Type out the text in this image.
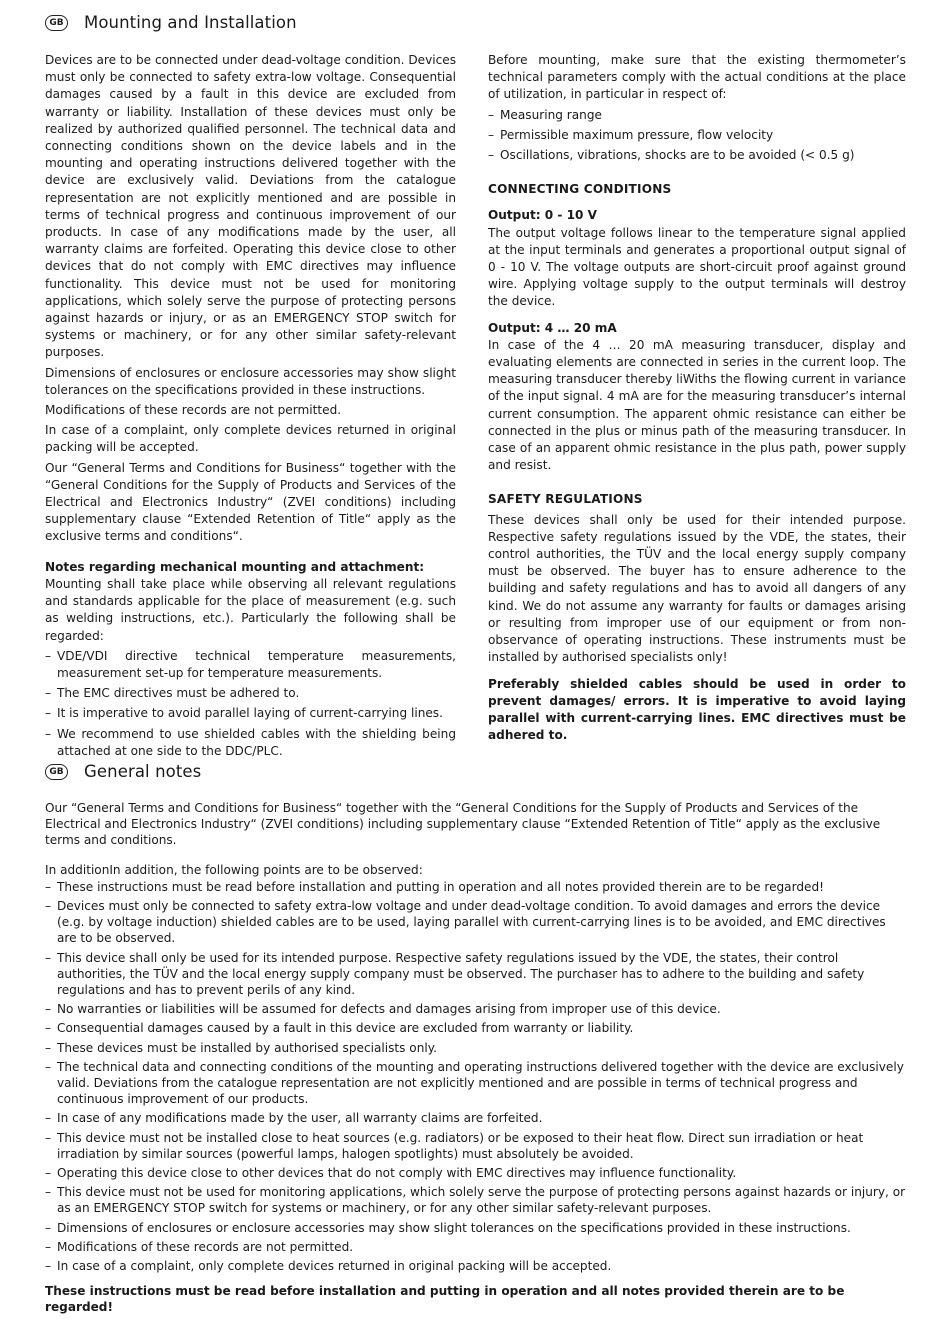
GB Mounting and Installation

Devices are to be connected under dead-voltage condition. Devices must only be connected to safety extra-low voltage. Consequential damages caused by a fault in this device are excluded from warranty or liability. Installation of these devices must only be realized by authorized qualified personnel. The technical data and connecting conditions shown on the device labels and in the mounting and operating instructions delivered together with the device are exclusively valid. Deviations from the catalogue representation are not explicitly mentioned and are possible in terms of technical progress and continuous improvement of our products. In case of any modifications made by the user, all warranty claims are forfeited. Operating this device close to other devices that do not comply with EMC directives may influence functionality. This device must not be used for monitoring applications, which solely serve the purpose of protecting persons against hazards or injury, or as an EMERGENCY STOP switch for systems or machinery, or for any other similar safety-relevant purposes.

Dimensions of enclosures or enclosure accessories may show slight tolerances on the specifications provided in these instructions.

Modifications of these records are not permitted.

In case of a complaint, only complete devices returned in original packing will be accepted.

Our “General Terms and Conditions for Business“ together with the “General Conditions for the Supply of Products and Services of the Electrical and Electronics Industry“ (ZVEI conditions) including supplementary clause “Extended Retention of Title“ apply as the exclusive terms and conditions“.

Notes regarding mechanical mounting and attachment:

Mounting shall take place while observing all relevant regulations and standards applicable for the place of measurement (e.g. such as welding instructions, etc.). Particularly the following shall be regarded:

– VDE/VDI directive technical temperature measurements, measurement set-up for temperature measurements.
– The EMC directives must be adhered to.
– It is imperative to avoid parallel laying of current-carrying lines.
– We recommend to use shielded cables with the shielding being attached at one side to the DDC/PLC.

Before mounting, make sure that the existing thermometer’s technical parameters comply with the actual conditions at the place of utilization, in particular in respect of:

– Measuring range
– Permissible maximum pressure, flow velocity
– Oscillations, vibrations, shocks are to be avoided (< 0.5 g)
CONNECTING CONDITIONS
Output: 0 - 10 V

The output voltage follows linear to the temperature signal applied at the input terminals and generates a proportional output signal of 0 - 10 V. The voltage outputs are short-circuit proof against ground wire. Applying voltage supply to the output terminals will destroy the device.

Output: 4 … 20 mA

In case of the 4 … 20 mA measuring transducer, display and evaluating elements are connected in series in the current loop. The measuring transducer thereby liWiths the flowing current in variance of the input signal. 4 mA are for the measuring transducer’s internal current consumption. The apparent ohmic resistance can either be connected in the plus or minus path of the measuring transducer. In case of an apparent ohmic resistance in the plus path, power supply and resist.

SAFETY REGULATIONS

These devices shall only be used for their intended purpose. Respective safety regulations issued by the VDE, the states, their control authorities, the TÜV and the local energy supply company must be observed. The buyer has to ensure adherence to the building and safety regulations and has to avoid all dangers of any kind. We do not assume any warranty for faults or damages arising or resulting from improper use of our equipment or from non-observance of operating instructions. These instruments must be installed by authorised specialists only!

Preferably shielded cables should be used in order to prevent damages/ errors. It is imperative to avoid laying parallel with current-carrying lines. EMC directives must be adhered to.

GB General notes

Our “General Terms and Conditions for Business“ together with the “General Conditions for the Supply of Products and Services of the Electrical and Electronics Industry“ (ZVEI conditions) including supplementary clause “Extended Retention of Title“ apply as the exclusive terms and conditions.

In additionIn addition, the following points are to be observed:

– These instructions must be read before installation and putting in operation and all notes provided therein are to be regarded!
– Devices must only be connected to safety extra-low voltage and under dead-voltage condition. To avoid damages and errors the device (e.g. by voltage induction) shielded cables are to be used, laying parallel with current-carrying lines is to be avoided, and EMC directives are to be observed.
– This device shall only be used for its intended purpose. Respective safety regulations issued by the VDE, the states, their control authorities, the TÜV and the local energy supply company must be observed. The purchaser has to adhere to the building and safety regulations and has to prevent perils of any kind.
– No warranties or liabilities will be assumed for defects and damages arising from improper use of this device.
– Consequential damages caused by a fault in this device are excluded from warranty or liability.
– These devices must be installed by authorised specialists only.
– The technical data and connecting conditions of the mounting and operating instructions delivered together with the device are exclusively valid. Deviations from the catalogue representation are not explicitly mentioned and are possible in terms of technical progress and continuous improvement of our products.
– In case of any modifications made by the user, all warranty claims are forfeited.
– This device must not be installed close to heat sources (e.g. radiators) or be exposed to their heat flow. Direct sun irradiation or heat irradiation by similar sources (powerful lamps, halogen spotlights) must absolutely be avoided.
– Operating this device close to other devices that do not comply with EMC directives may influence functionality.
– This device must not be used for monitoring applications, which solely serve the purpose of protecting persons against hazards or injury, or as an EMERGENCY STOP switch for systems or machinery, or for any other similar safety-relevant purposes.
– Dimensions of enclosures or enclosure accessories may show slight tolerances on the specifications provided in these instructions.
– Modifications of these records are not permitted.
– In case of a complaint, only complete devices returned in original packing will be accepted.

These instructions must be read before installation and putting in operation and all notes provided therein are to be regarded!
